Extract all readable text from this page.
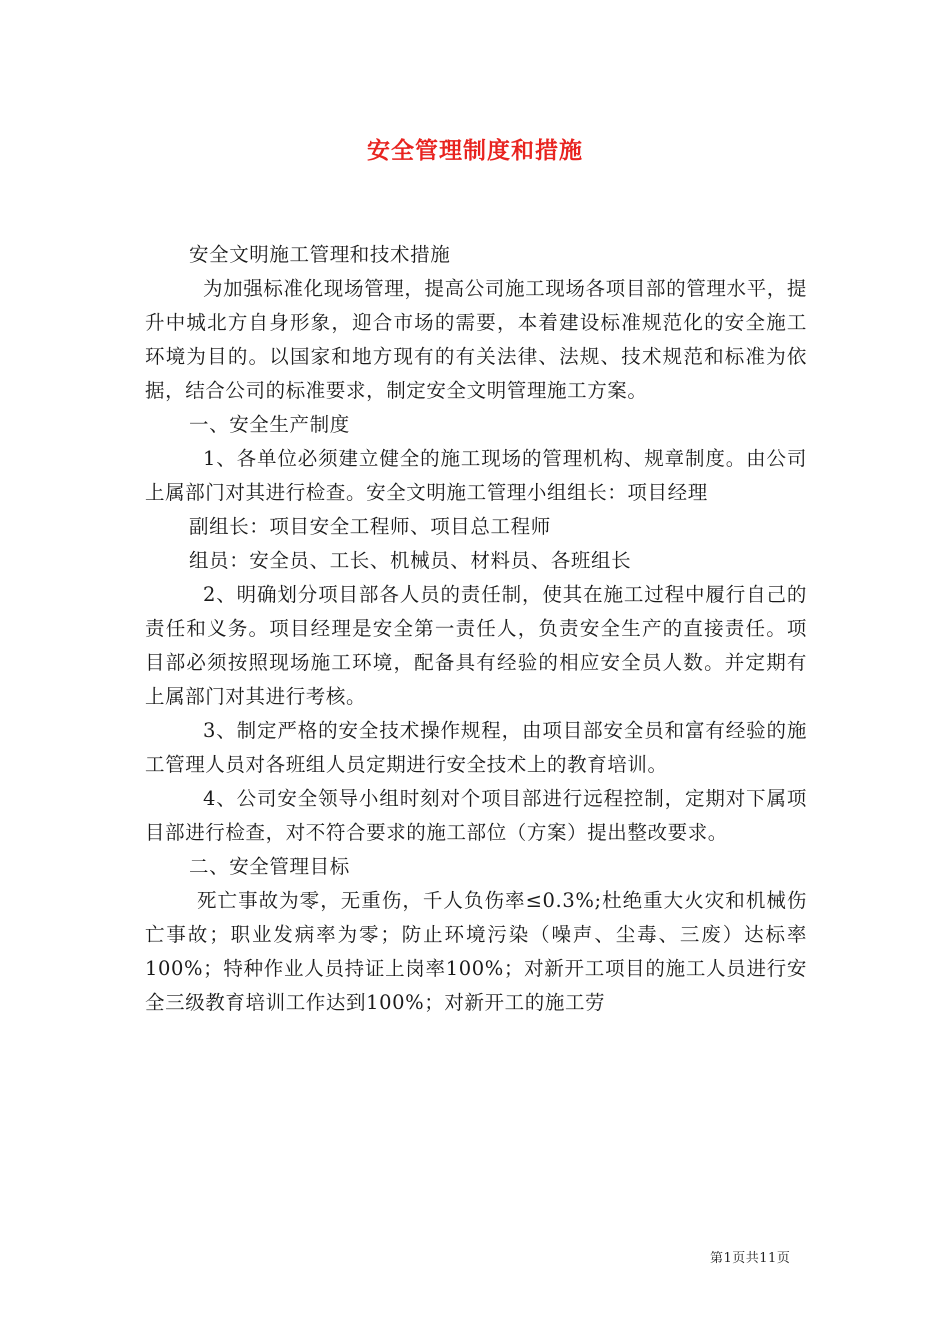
安全管理制度和措施

安全文明施工管理和技术措施

为加强标准化现场管理，提高公司施工现场各项目部的管理水平，提升中城北方自身形象，迎合市场的需要，本着建设标准规范化的安全施工环境为目的。以国家和地方现有的有关法律、法规、技术规范和标准为依据，结合公司的标准要求，制定安全文明管理施工方案。

一、安全生产制度

1、各单位必须建立健全的施工现场的管理机构、规章制度。由公司上属部门对其进行检查。安全文明施工管理小组组长：项目经理

副组长：项目安全工程师、项目总工程师

组员：安全员、工长、机械员、材料员、各班组长

2、明确划分项目部各人员的责任制，使其在施工过程中履行自己的责任和义务。项目经理是安全第一责任人，负责安全生产的直接责任。项目部必须按照现场施工环境，配备具有经验的相应安全员人数。并定期有上属部门对其进行考核。

3、制定严格的安全技术操作规程，由项目部安全员和富有经验的施工管理人员对各班组人员定期进行安全技术上的教育培训。

4、公司安全领导小组时刻对个项目部进行远程控制，定期对下属项目部进行检查，对不符合要求的施工部位（方案）提出整改要求。

二、安全管理目标

死亡事故为零，无重伤，千人负伤率≤0.3%;杜绝重大火灾和机械伤亡事故；职业发病率为零；防止环境污染（噪声、尘毒、三废）达标率100%；特种作业人员持证上岗率100%；对新开工项目的施工人员进行安全三级教育培训工作达到100%；对新开工的施工劳

第1页共11页
